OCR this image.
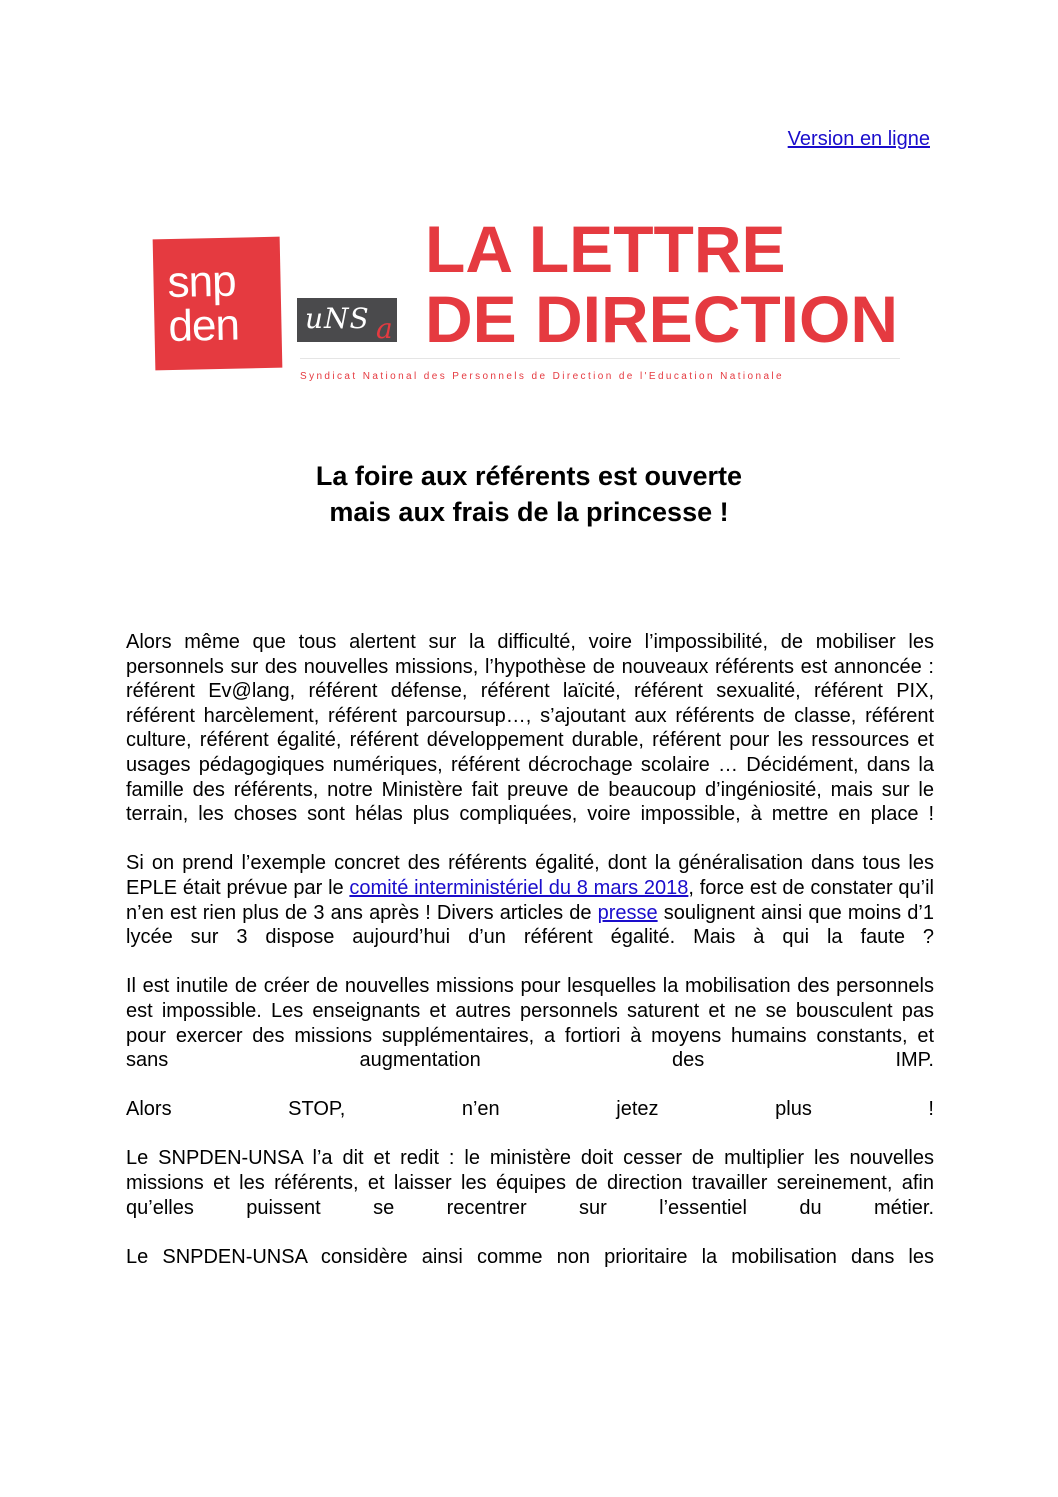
Version en ligne
snp
den uNS a
LA LETTRE
DE DIRECTION
Syndicat National des Personnels de Direction de l'Education Nationale
La foire aux référents est ouverte
mais aux frais de la princesse !

Alors même que tous alertent sur la difficulté, voire l’impossibilité, de mobiliser les personnels sur des nouvelles missions, l’hypothèse de nouveaux référents est annoncée : référent Ev@lang, référent défense, référent laïcité, référent sexualité, référent PIX, référent harcèlement, référent parcoursup…, s’ajoutant aux référents de classe, référent culture, référent égalité, référent développement durable, référent pour les ressources et usages pédagogiques numériques, référent décrochage scolaire … Décidément, dans la famille des référents, notre Ministère fait preuve de beaucoup d’ingéniosité, mais sur le terrain, les choses sont hélas plus compliquées, voire impossible, à mettre en place !

Si on prend l’exemple concret des référents égalité, dont la généralisation dans tous les EPLE était prévue par le comité interministériel du 8 mars 2018, force est de constater qu’il n’en est rien plus de 3 ans après ! Divers articles de presse soulignent ainsi que moins d’1 lycée sur 3 dispose aujourd’hui d’un référent égalité. Mais à qui la faute ?

Il est inutile de créer de nouvelles missions pour lesquelles la mobilisation des personnels est impossible. Les enseignants et autres personnels saturent et ne se bousculent pas pour exercer des missions supplémentaires, a fortiori à moyens humains constants, et sans augmentation des IMP.

Alors STOP, n’en jetez plus !

Le SNPDEN-UNSA l’a dit et redit : le ministère doit cesser de multiplier les nouvelles missions et les référents, et laisser les équipes de direction travailler sereinement, afin qu’elles puissent se recentrer sur l’essentiel du métier.

Le SNPDEN-UNSA considère ainsi comme non prioritaire la mobilisation dans les
